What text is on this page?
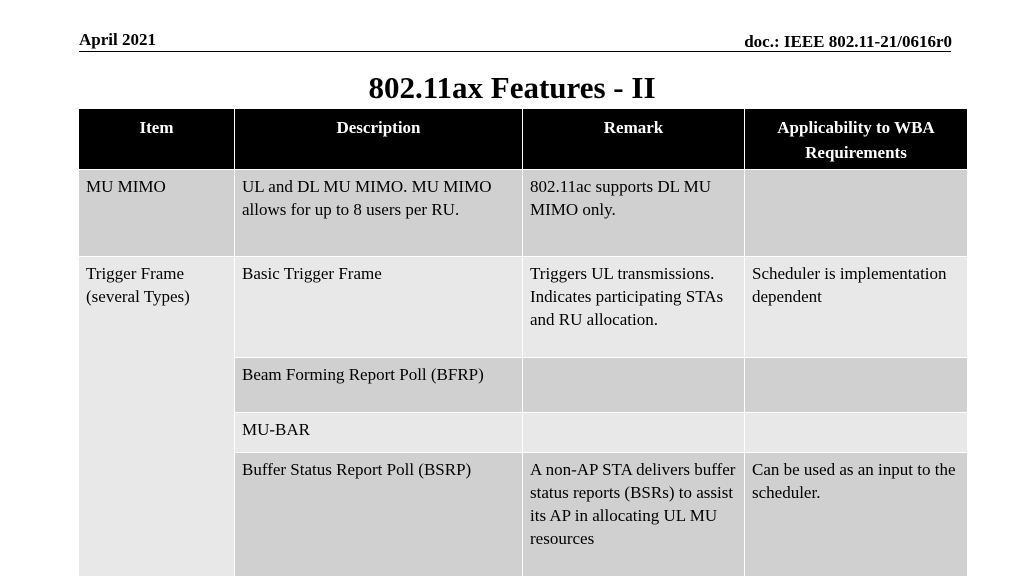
April 2021	doc.: IEEE 802.11-21/0616r0
802.11ax Features - II
Item	Description	Remark	Applicability to WBA Requirements
MU MIMO	UL and DL MU MIMO. MU MIMO allows for up to 8 users per RU.	802.11ac supports DL MU MIMO only.	
Trigger Frame (several Types)	Basic Trigger Frame	Triggers UL transmissions. Indicates participating STAs and RU allocation.	Scheduler is implementation dependent
	Beam Forming Report Poll (BFRP)		
	MU-BAR		
	Buffer Status Report Poll (BSRP)	A non-AP STA delivers buffer status reports (BSRs) to assist its AP in allocating UL MU resources	Can be used as an input to the scheduler.
